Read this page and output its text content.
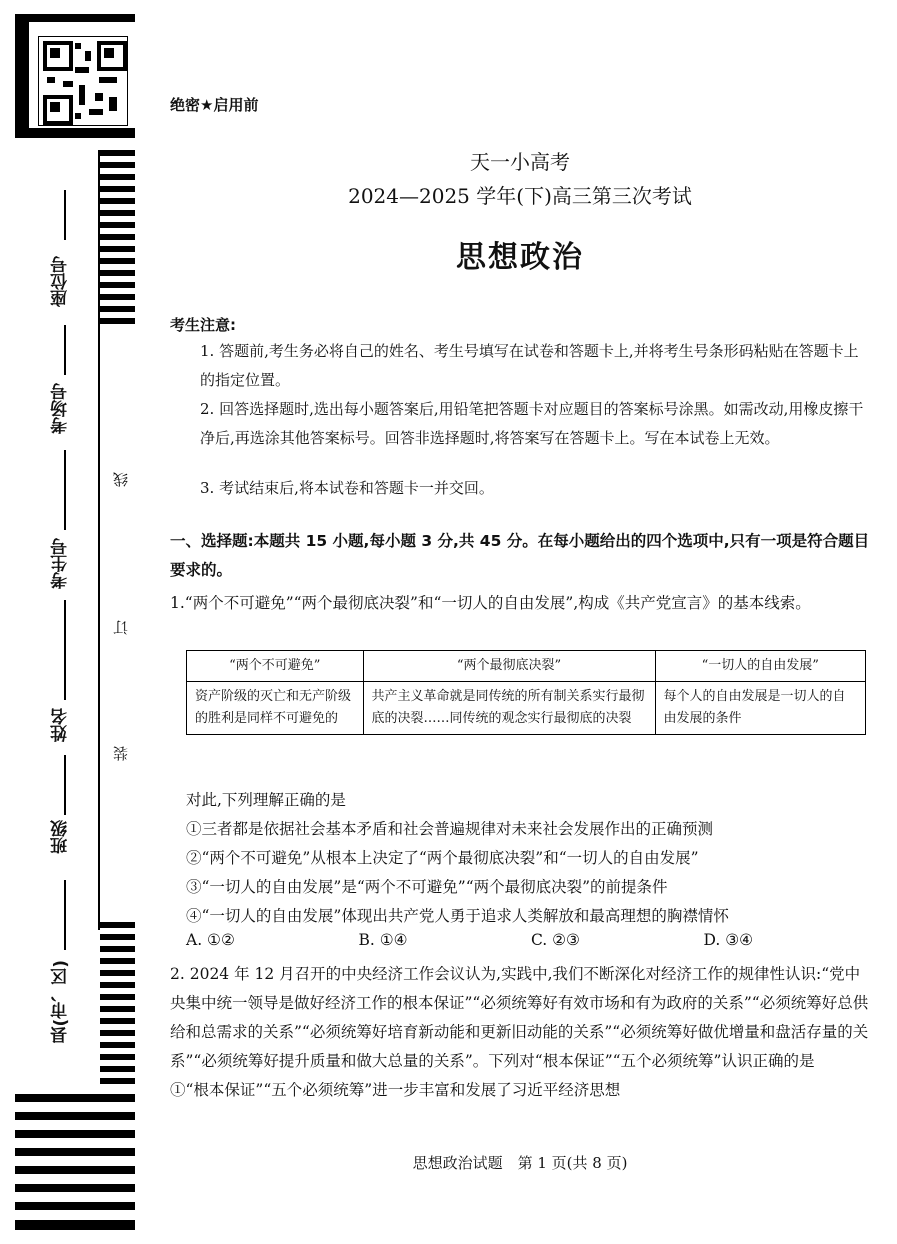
座位号
考场号
考生号
姓名
班级
县(市、区)
线
订
装
绝密★启用前
天一小高考
2024—2025 学年(下)高三第三次考试
思想政治
考生注意:
1. 答题前,考生务必将自己的姓名、考生号填写在试卷和答题卡上,并将考生号条形码粘贴在答题卡上的指定位置。
2. 回答选择题时,选出每小题答案后,用铅笔把答题卡对应题目的答案标号涂黑。如需改动,用橡皮擦干净后,再选涂其他答案标号。回答非选择题时,将答案写在答题卡上。写在本试卷上无效。
3. 考试结束后,将本试卷和答题卡一并交回。
一、选择题:本题共 15 小题,每小题 3 分,共 45 分。在每小题给出的四个选项中,只有一项是符合题目要求的。
1.“两个不可避免”“两个最彻底决裂”和“一切人的自由发展”,构成《共产党宣言》的基本线索。
“两个不可避免”	“两个最彻底决裂”	“一切人的自由发展”
资产阶级的灭亡和无产阶级的胜利是同样不可避免的	共产主义革命就是同传统的所有制关系实行最彻底的决裂……同传统的观念实行最彻底的决裂	每个人的自由发展是一切人的自由发展的条件
对此,下列理解正确的是
①三者都是依据社会基本矛盾和社会普遍规律对未来社会发展作出的正确预测
②“两个不可避免”从根本上决定了“两个最彻底决裂”和“一切人的自由发展”
③“一切人的自由发展”是“两个不可避免”“两个最彻底决裂”的前提条件
④“一切人的自由发展”体现出共产党人勇于追求人类解放和最高理想的胸襟情怀
A. ①②	B. ①④	C. ②③	D. ③④
2. 2024 年 12 月召开的中央经济工作会议认为,实践中,我们不断深化对经济工作的规律性认识:“党中央集中统一领导是做好经济工作的根本保证”“必须统筹好有效市场和有为政府的关系”“必须统筹好总供给和总需求的关系”“必须统筹好培育新动能和更新旧动能的关系”“必须统筹好做优增量和盘活存量的关系”“必须统筹好提升质量和做大总量的关系”。下列对“根本保证”“五个必须统筹”认识正确的是
①“根本保证”“五个必须统筹”进一步丰富和发展了习近平经济思想
思想政治试题　第 1 页(共 8 页)
